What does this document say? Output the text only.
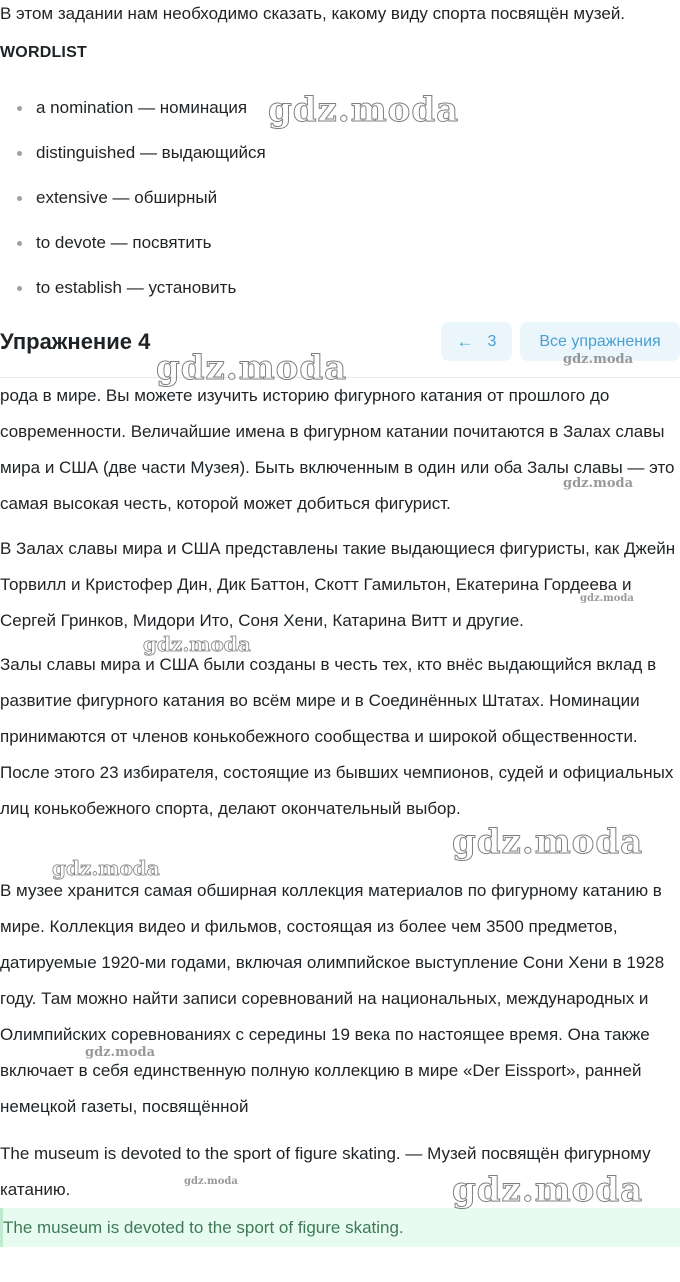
В этом задании нам необходимо сказать, какому виду спорта посвящён музей.
WORDLIST
a nomination — номинация
distinguished — выдающийся
extensive — обширный
to devote — посвятить
to establish — установить
Упражнение 4	← 3	Все упражнения

рода в мире. Вы можете изучить историю фигурного катания от прошлого до современности. Величайшие имена в фигурном катании почитаются в Залах славы мира и США (две части Музея). Быть включенным в один или оба Залы славы — это самая высокая честь, которой может добиться фигурист.

В Залах славы мира и США представлены такие выдающиеся фигуристы, как Джейн Торвилл и Кристофер Дин, Дик Баттон, Скотт Гамильтон, Екатерина Гордеева и Сергей Гринков, Мидори Ито, Соня Хени, Катарина Витт и другие.

Залы славы мира и США были созданы в честь тех, кто внёс выдающийся вклад в развитие фигурного катания во всём мире и в Соединённых Штатах. Номинации принимаются от членов конькобежного сообщества и широкой общественности. После этого 23 избирателя, состоящие из бывших чемпионов, судей и официальных лиц конькобежного спорта, делают окончательный выбор.

В музее хранится самая обширная коллекция материалов по фигурному катанию в мире. Коллекция видео и фильмов, состоящая из более чем 3500 предметов, датируемые 1920-ми годами, включая олимпийское выступление Сони Хени в 1928 году. Там можно найти записи соревнований на национальных, международных и Олимпийских соревнованиях с середины 19 века по настоящее время. Она также включает в себя единственную полную коллекцию в мире «Der Eissport», ранней немецкой газеты, посвящённой

The museum is devoted to the sport of figure skating. — Музей посвящён фигурному катанию.

The museum is devoted to the sport of figure skating.
gdz.moda
gdz.moda	gdz.moda
gdz.moda
gdz.moda
gdz.moda
gdz.moda
gdz.moda
gdz.moda
gdz.moda
gdz.moda
